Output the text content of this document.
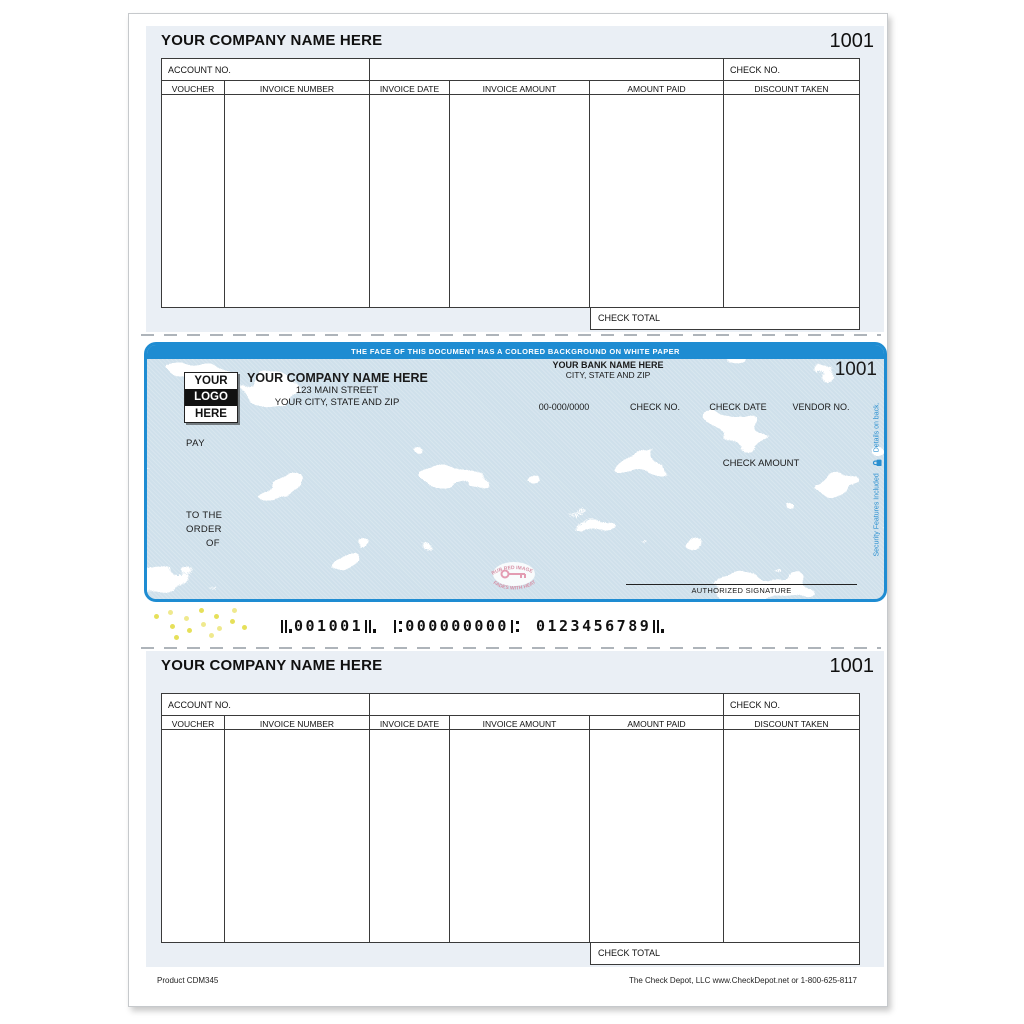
YOUR COMPANY NAME HERE	1001
ACCOUNT NO.	CHECK NO.
VOUCHER	INVOICE NUMBER	INVOICE DATE	INVOICE AMOUNT	AMOUNT PAID	DISCOUNT TAKEN
CHECK TOTAL
THE FACE OF THIS DOCUMENT HAS A COLORED BACKGROUND ON WHITE PAPER
YOUR
LOGO
HERE
YOUR COMPANY NAME HERE
123 MAIN STREET
YOUR CITY, STATE AND ZIP
YOUR BANK NAME HERE
CITY, STATE AND ZIP	1001
00-000/0000	CHECK NO.	CHECK DATE	VENDOR NO.
PAY
CHECK AMOUNT
TO THE
ORDER
OF
RUB RED IMAGE
FADES WITH HEAT
AUTHORIZED SIGNATURE
Security Features Included
Details on back.
001001	000000000 0123456789
YOUR COMPANY NAME HERE	1001
ACCOUNT NO.	CHECK NO.
VOUCHER	INVOICE NUMBER	INVOICE DATE	INVOICE AMOUNT	AMOUNT PAID	DISCOUNT TAKEN
CHECK TOTAL
Product CDM345	The Check Depot, LLC www.CheckDepot.net or 1-800-625-8117
